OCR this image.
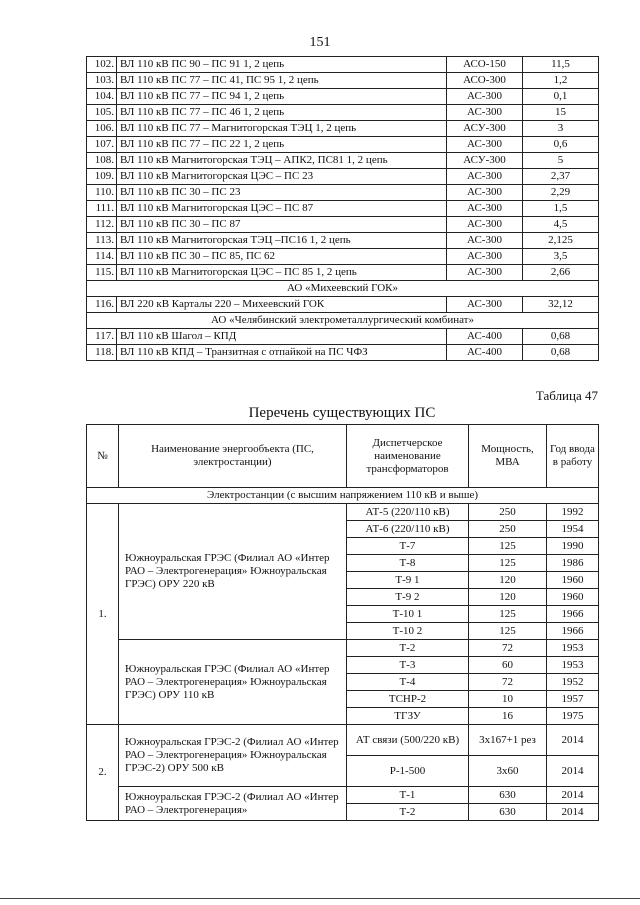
151
102.	ВЛ 110 кВ ПС 90 – ПС 91 1, 2 цепь	АСО-150	11,5
103.	ВЛ 110 кВ ПС 77 – ПС 41, ПС 95 1, 2 цепь	АСО-300	1,2
104.	ВЛ 110 кВ ПС 77 – ПС 94 1, 2 цепь	АС-300	0,1
105.	ВЛ 110 кВ ПС 77 – ПС 46 1, 2 цепь	АС-300	15
106.	ВЛ 110 кВ ПС 77 – Магнитогорская ТЭЦ 1, 2 цепь	АСУ-300	3
107.	ВЛ 110 кВ ПС 77 – ПС 22 1, 2 цепь	АС-300	0,6
108.	ВЛ 110 кВ Магнитогорская ТЭЦ – АПК2, ПС81 1, 2 цепь	АСУ-300	5
109.	ВЛ 110 кВ Магнитогорская ЦЭС – ПС 23	АС-300	2,37
110.	ВЛ 110 кВ ПС 30 – ПС 23	АС-300	2,29
111.	ВЛ 110 кВ Магнитогорская ЦЭС – ПС 87	АС-300	1,5
112.	ВЛ 110 кВ ПС 30 – ПС 87	АС-300	4,5
113.	ВЛ 110 кВ Магнитогорская ТЭЦ –ПС16 1, 2 цепь	АС-300	2,125
114.	ВЛ 110 кВ ПС 30 – ПС 85, ПС 62	АС-300	3,5
115.	ВЛ 110 кВ Магнитогорская ЦЭС – ПС 85 1, 2 цепь	АС-300	2,66
АО «Михеевский ГОК»			
116.	ВЛ 220 кВ Карталы 220 – Михеевский ГОК	АС-300	32,12
АО «Челябинский электрометаллургический комбинат»			
117.	ВЛ 110 кВ Шагол – КПД	АС-400	0,68
118.	ВЛ 110 кВ КПД – Транзитная с отпайкой на ПС ЧФЗ	АС-400	0,68
Таблица 47
Перечень существующих ПС
№	Наименование энергообъекта (ПС, электростанции)	Диспетчерское наименование трансформаторов	Мощность, МВА	Год ввода в работу
Электростанции (с высшим напряжением 110 кВ и выше)				
1.	Южноуральская ГРЭС (Филиал АО «Интер РАО – Электрогенерация» Южноуральская ГРЭС) ОРУ 220 кВ	АТ-5 (220/110 кВ)	250	1992
		АТ-6 (220/110 кВ)	250	1954
		Т-7	125	1990
		Т-8	125	1986
		Т-9 1	120	1960
		Т-9 2	120	1960
		Т-10 1	125	1966
		Т-10 2	125	1966
	Южноуральская ГРЭС (Филиал АО «Интер РАО – Электрогенерация» Южноуральская ГРЭС) ОРУ 110 кВ	Т-2	72	1953
		Т-3	60	1953
		Т-4	72	1952
		ТСНР-2	10	1957
		ТГЗУ	16	1975
2.	Южноуральская ГРЭС-2 (Филиал АО «Интер РАО – Электрогенерация» Южноуральская ГРЭС-2) ОРУ 500 кВ	АТ связи (500/220 кВ)	3x167+1 рез	2014
		Р-1-500	3x60	2014
	Южноуральская ГРЭС-2 (Филиал АО «Интер РАО – Электрогенерация»	Т-1	630	2014
		Т-2	630	2014
